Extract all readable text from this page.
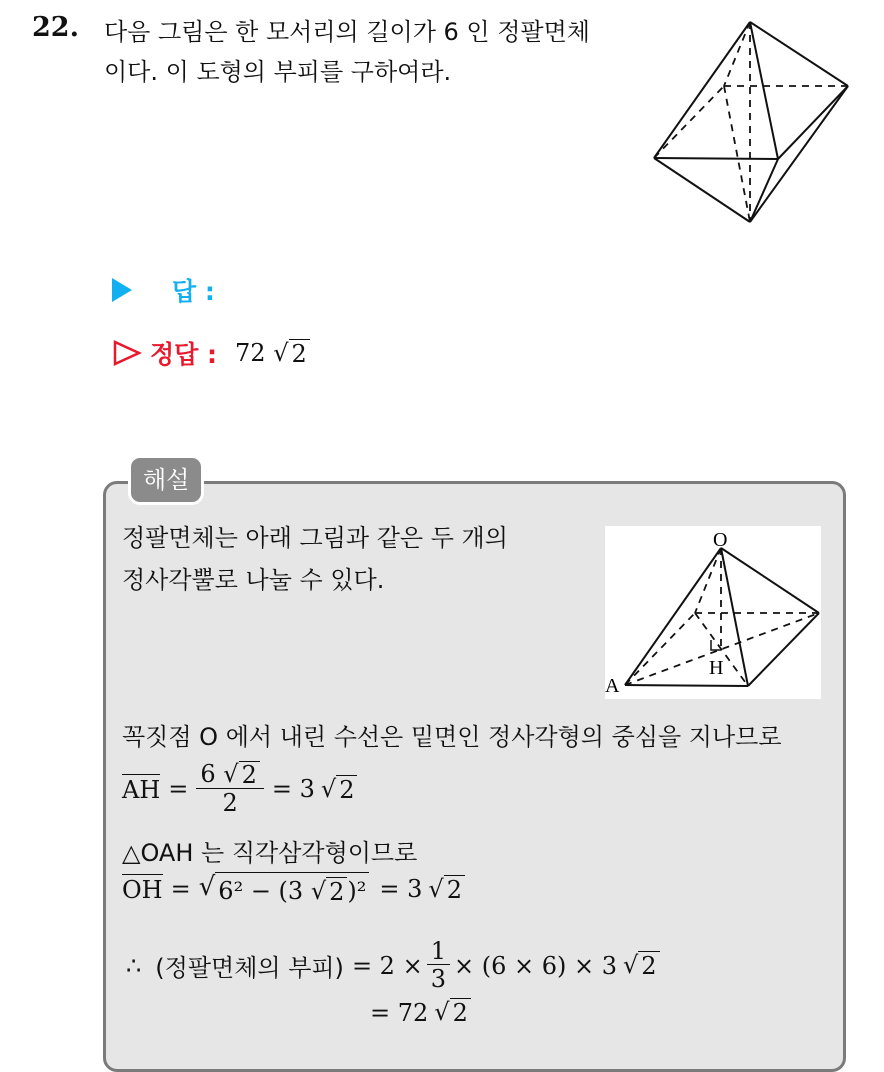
22. 다음 그림은 한 모서리의 길이가 6 인 정팔면체
이다. 이 도형의 부피를 구하여라.
답 :
정답 : 72 √ 2
해설
정팔면체는 아래 그림과 같은 두 개의
정사각뿔로 나눌 수 있다.
O
A
H
꼭짓점 O 에서 내린 수선은 밑면인 정사각형의 중심을 지나므로
AH = $\frac{6 √ 2}{2} = 3$ √ 2
△OAH 는 직각삼각형이므로
OH = √ 6² − (3 √ 2 )² = 3 √ 2
∴ (정팔면체의 부피) = $2 \times \frac{1}{3} \times (6 \times 6) \times 3$ √ 2
= 72 √ 2
